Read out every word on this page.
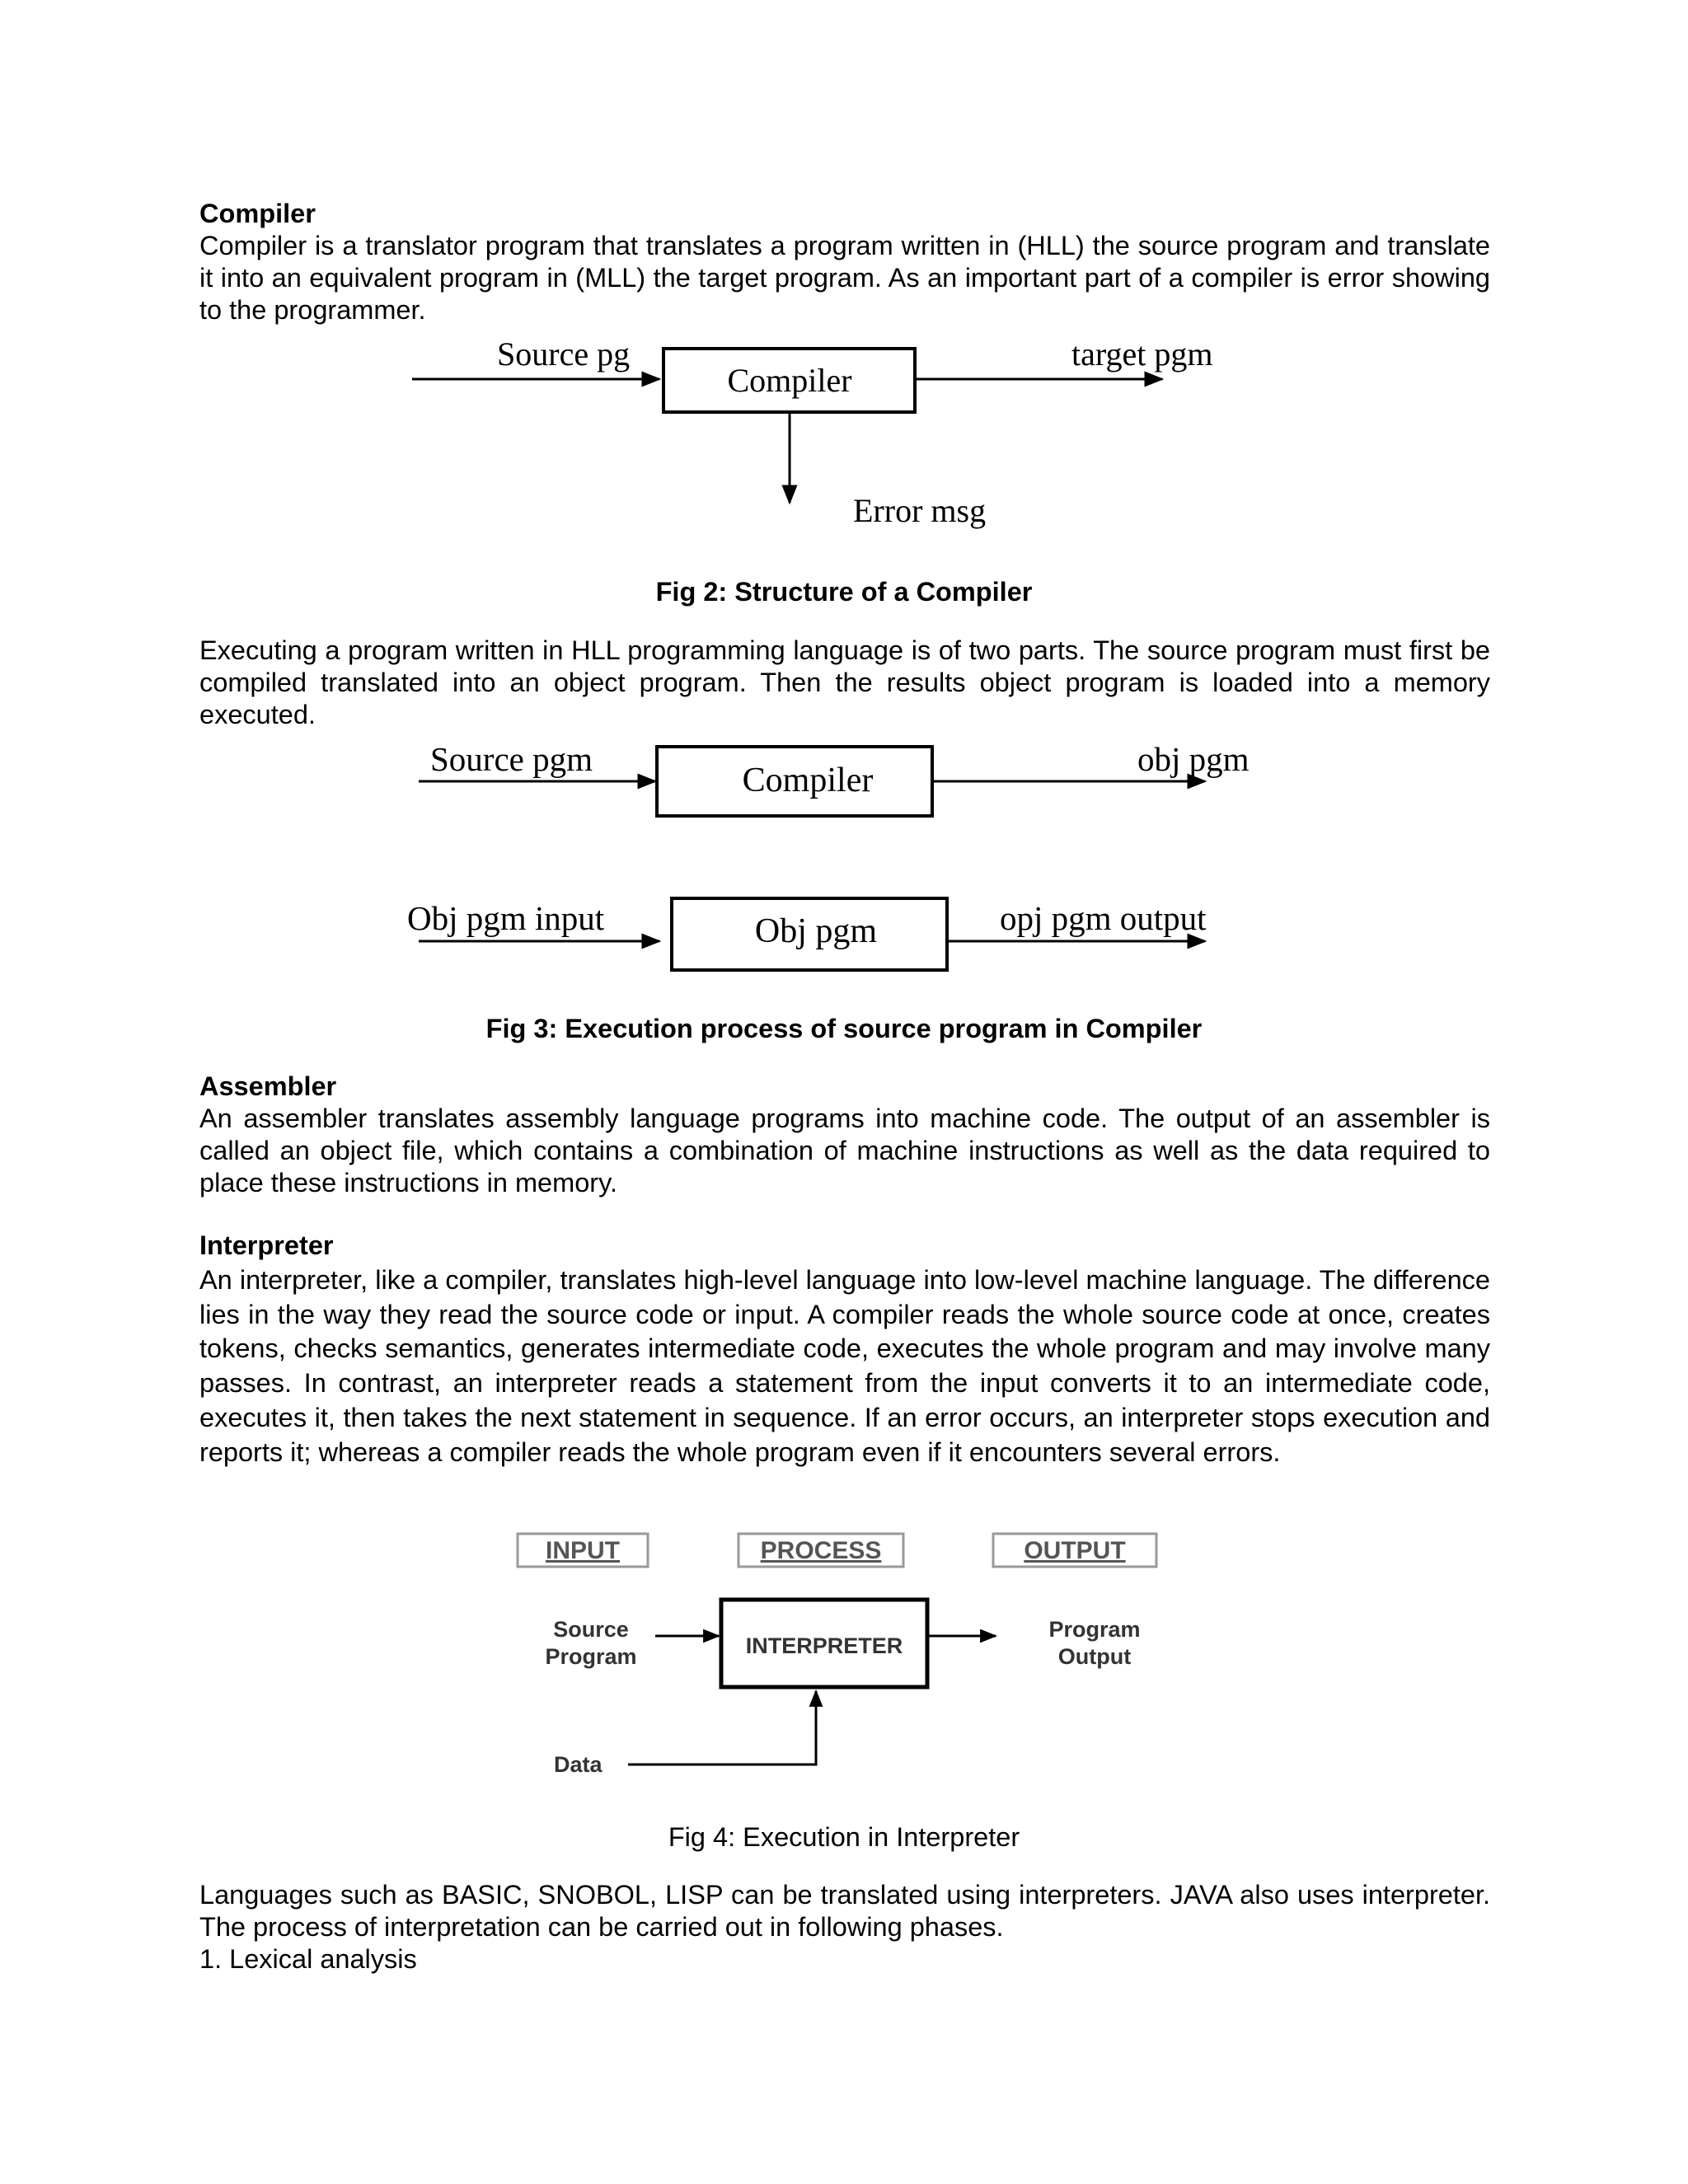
Compiler
Compiler is a translator program that translates a program written in (HLL) the source program and translate it into an equivalent program in (MLL) the target program. As an important part of a compiler is error showing to the programmer.
Compiler
Source pg	target pgm
Error msg
Fig 2: Structure of a Compiler
Executing a program written in HLL programming language is of two parts. The source program must first be compiled translated into an object program. Then the results object program is loaded into a memory executed.
Source pgm
Compiler
obj pgm
Obj pgm input	Obj pgm	opj pgm output
Fig 3: Execution process of source program in Compiler
Assembler
An assembler translates assembly language programs into machine code. The output of an assembler is called an object file, which contains a combination of machine instructions as well as the data required to place these instructions in memory.
Interpreter
An interpreter, like a compiler, translates high-level language into low-level machine language. The difference lies in the way they read the source code or input. A compiler reads the whole source code at once, creates tokens, checks semantics, generates intermediate code, executes the whole program and may involve many passes. In contrast, an interpreter reads a statement from the input converts it to an intermediate code, executes it, then takes the next statement in sequence. If an error occurs, an interpreter stops execution and reports it; whereas a compiler reads the whole program even if it encounters several errors.
INPUT	PROCESS	OUTPUT
Source
Program	INTERPRETER
Program
Output
Data
Fig 4: Execution in Interpreter
Languages such as BASIC, SNOBOL, LISP can be translated using interpreters. JAVA also uses interpreter. The process of interpretation can be carried out in following phases.
1. Lexical analysis
